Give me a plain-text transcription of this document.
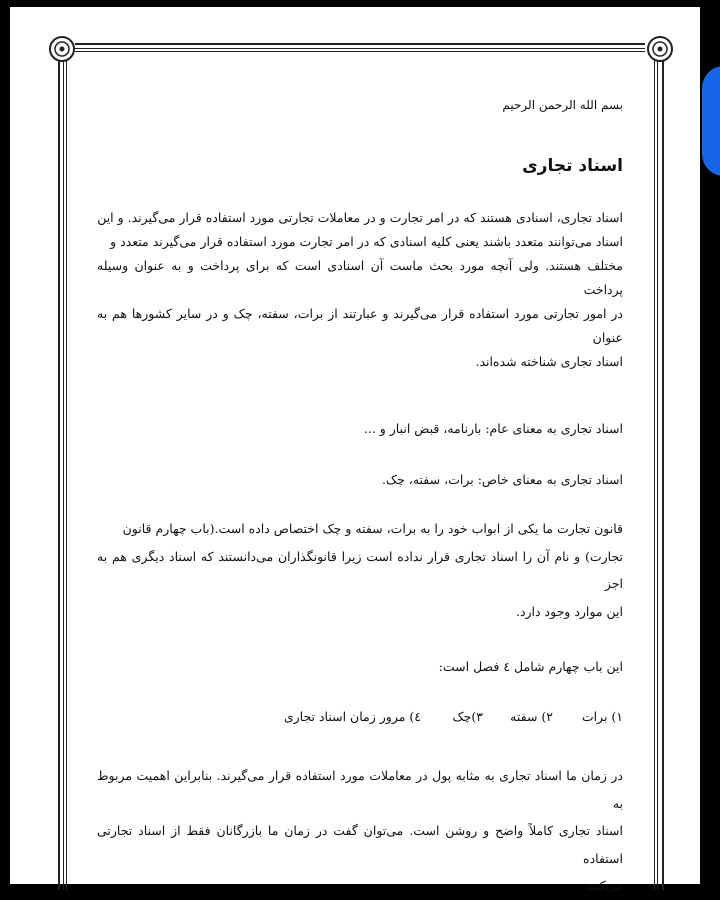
بسم الله الرحمن الرحیم
اسناد تجاری
اسناد تجاری، اسنادی هستند که در امر تجارت و در معاملات تجارتی مورد استفاده قرار می‌گیرند. و این
اسناد می‌توانند متعدد باشند یعنی کلیه اسنادی که در امر تجارت مورد استفاده قرار می‌گیرند متعدد و
مختلف هستند. ولی آنچه مورد بحث ماست آن اسنادی است که برای پرداخت و به عنوان وسیله پرداخت
در امور تجارتی مورد استفاده قرار می‌گیرند و عبارتند از برات، سفته، چک و در سایر کشورها هم به عنوان
اسناد تجاری شناخته شده‌اند.
اسناد تجاری به معنای عام: بارنامه، قبض انبار و ...
اسناد تجاری به معنای خاص: برات، سفته، چک.
قانون تجارت ما یکی از ابواب خود را به برات، سفته و چک اختصاص داده است.(باب چهارم قانون
تجارت) و نام آن را اسناد تجاری قرار نداده است زیرا قانونگذاران می‌دانستند که اسناد دیگری هم به اجز
این موارد وجود دارد.
این باب چهارم شامل ٤ فصل است:
١) برات
٢) سفته
٣)چک
٤) مرور زمان اسناد تجاری
در زمان ما اسناد تجاری به مثابه پول در معاملات مورد استفاده قرار می‌گیرند. بنابراین اهمیت مربوط به
اسناد تجاری کاملاً واضح و روشن است. می‌توان گفت در زمان ما بازرگانان فقط از اسناد تجارتی استفاده
می‌کنند.
